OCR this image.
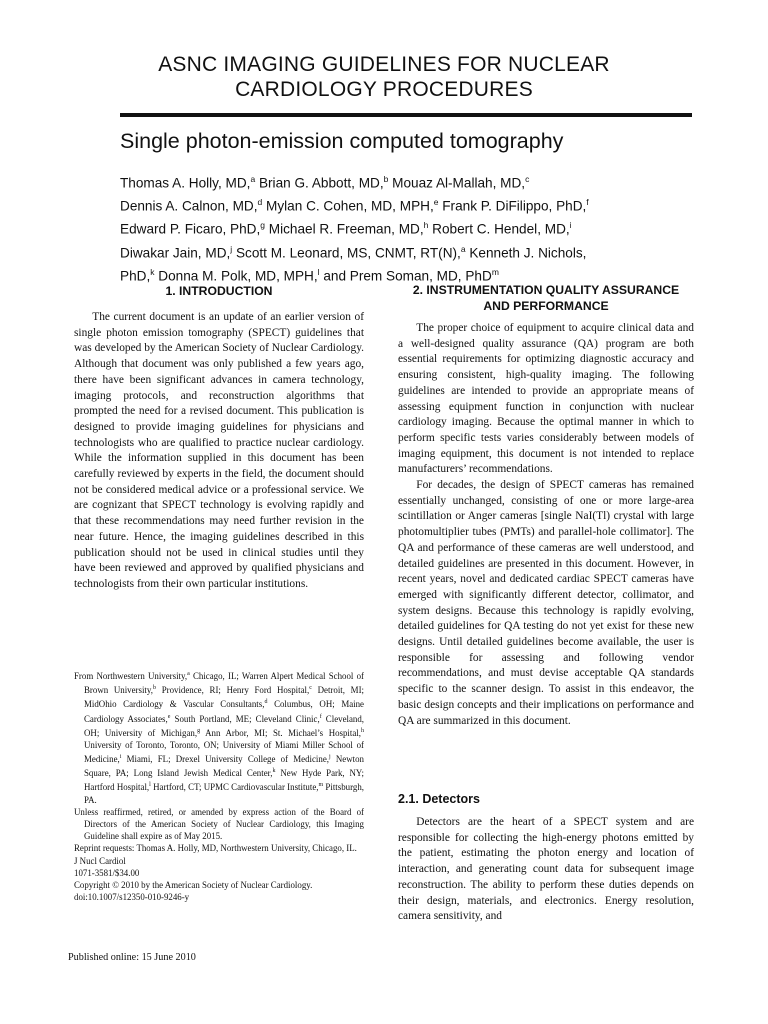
ASNC IMAGING GUIDELINES FOR NUCLEAR
CARDIOLOGY PROCEDURES
Single photon-emission computed tomography
Thomas A. Holly, MD,$^a$ Brian G. Abbott, MD,$^b$ Mouaz Al-Mallah, MD,$^c$
Dennis A. Calnon, MD,$^d$ Mylan C. Cohen, MD, MPH,$^e$ Frank P. DiFilippo, PhD,$^f$
Edward P. Ficaro, PhD,$^g$ Michael R. Freeman, MD,$^h$ Robert C. Hendel, MD,$^i$
Diwakar Jain, MD,$^j$ Scott M. Leonard, MS, CNMT, RT(N),$^a$ Kenneth J. Nichols,
PhD,$^k$ Donna M. Polk, MD, MPH,$^l$ and Prem Soman, MD, PhD$^m$
1. INTRODUCTION

The current document is an update of an earlier version of single photon emission tomography (SPECT) guidelines that was developed by the American Society of Nuclear Cardiology. Although that document was only published a few years ago, there have been significant advances in camera technology, imaging protocols, and reconstruction algorithms that prompted the need for a revised document. This publication is designed to provide imaging guidelines for physicians and technologists who are qualified to practice nuclear cardiology. While the information supplied in this document has been carefully reviewed by experts in the field, the document should not be considered medical advice or a professional service. We are cognizant that SPECT technology is evolving rapidly and that these recommendations may need further revision in the near future. Hence, the imaging guidelines described in this publication should not be used in clinical studies until they have been reviewed and approved by qualified physicians and technologists from their own particular institutions.

From Northwestern University,$^a$ Chicago, IL; Warren Alpert Medical School of Brown University,$^b$ Providence, RI; Henry Ford Hospital,$^c$ Detroit, MI; MidOhio Cardiology & Vascular Consultants,$^d$ Columbus, OH; Maine Cardiology Associates,$^e$ South Portland, ME; Cleveland Clinic,$^f$ Cleveland, OH; University of Michigan,$^g$ Ann Arbor, MI; St. Michael’s Hospital,$^h$ University of Toronto, Toronto, ON; University of Miami Miller School of Medicine,$^i$ Miami, FL; Drexel University College of Medicine,$^j$ Newton Square, PA; Long Island Jewish Medical Center,$^k$ New Hyde Park, NY; Hartford Hospital,$^l$ Hartford, CT; UPMC Cardiovascular Institute,$^m$ Pittsburgh, PA.

Unless reaffirmed, retired, or amended by express action of the Board of Directors of the American Society of Nuclear Cardiology, this Imaging Guideline shall expire as of May 2015.

Reprint requests: Thomas A. Holly, MD, Northwestern University, Chicago, IL.

J Nucl Cardiol

1071-3581/$34.00

Copyright © 2010 by the American Society of Nuclear Cardiology.

doi:10.1007/s12350-010-9246-y

2. INSTRUMENTATION QUALITY ASSURANCE
AND PERFORMANCE

The proper choice of equipment to acquire clinical data and a well-designed quality assurance (QA) program are both essential requirements for optimizing diagnostic accuracy and ensuring consistent, high-quality imaging. The following guidelines are intended to provide an appropriate means of assessing equipment function in conjunction with nuclear cardiology imaging. Because the optimal manner in which to perform specific tests varies considerably between models of imaging equipment, this document is not intended to replace manufacturers’ recommendations.

For decades, the design of SPECT cameras has remained essentially unchanged, consisting of one or more large-area scintillation or Anger cameras [single NaI(Tl) crystal with large photomultiplier tubes (PMTs) and parallel-hole collimator]. The QA and performance of these cameras are well understood, and detailed guidelines are presented in this document. However, in recent years, novel and dedicated cardiac SPECT cameras have emerged with significantly different detector, collimator, and system designs. Because this technology is rapidly evolving, detailed guidelines for QA testing do not yet exist for these new designs. Until detailed guidelines become available, the user is responsible for assessing and following vendor recommendations, and must devise acceptable QA standards specific to the scanner design. To assist in this endeavor, the basic design concepts and their implications on performance and QA are summarized in this document.

2.1. Detectors

Detectors are the heart of a SPECT system and are responsible for collecting the high-energy photons emitted by the patient, estimating the photon energy and location of interaction, and generating count data for subsequent image reconstruction. The ability to perform these duties depends on their design, materials, and electronics. Energy resolution, camera sensitivity, and

Published online: 15 June 2010
